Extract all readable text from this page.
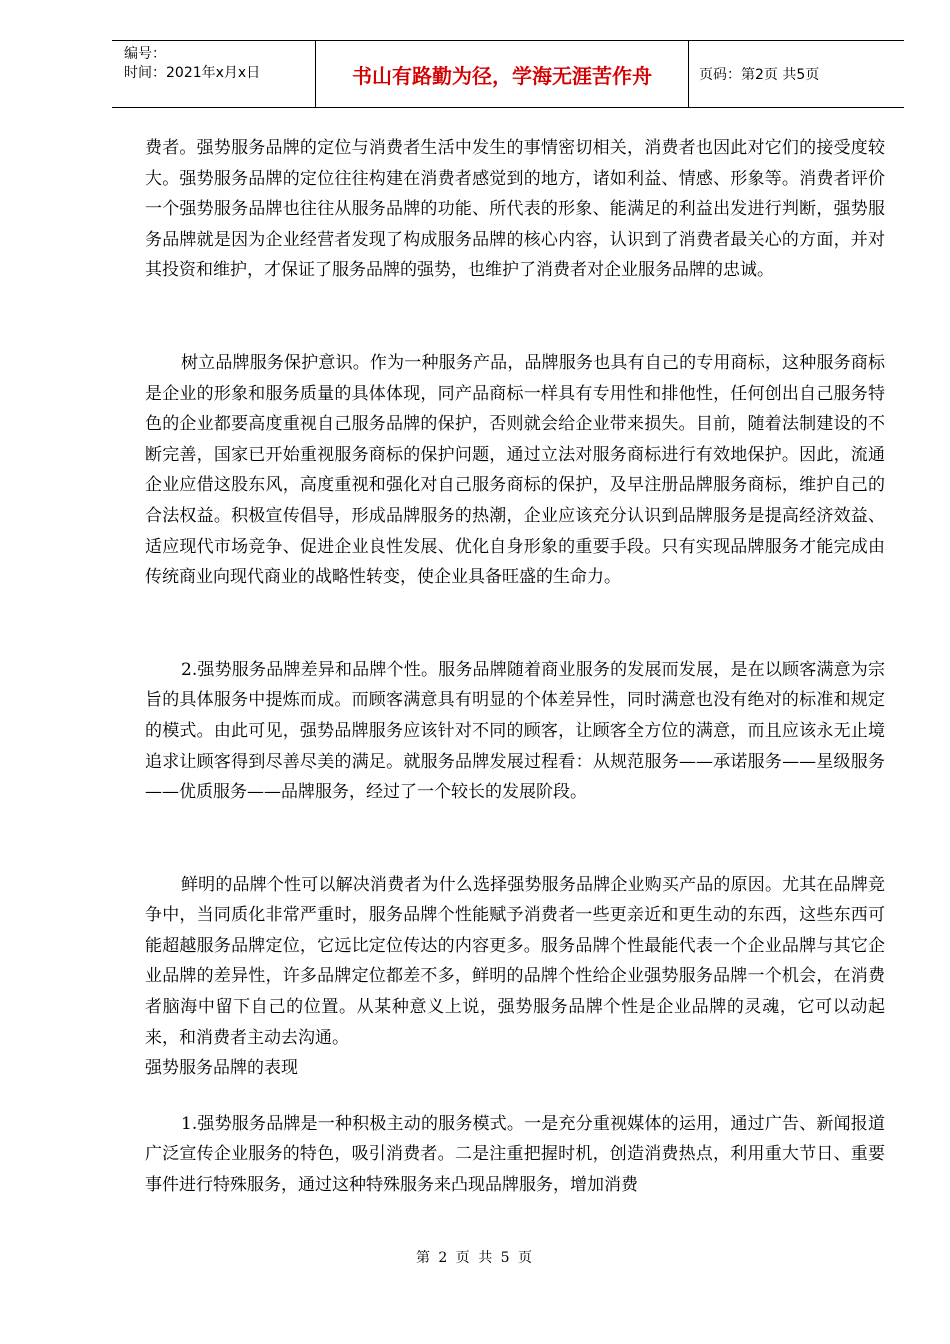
编号：
时间：2021年x月x日	书山有路勤为径，学海无涯苦作舟	页码：第2页 共5页

费者。强势服务品牌的定位与消费者生活中发生的事情密切相关，消费者也因此对它们的接受度较大。强势服务品牌的定位往往构建在消费者感觉到的地方，诸如利益、情感、形象等。消费者评价一个强势服务品牌也往往从服务品牌的功能、所代表的形象、能满足的利益出发进行判断，强势服务品牌就是因为企业经营者发现了构成服务品牌的核心内容，认识到了消费者最关心的方面，并对其投资和维护，才保证了服务品牌的强势，也维护了消费者对企业服务品牌的忠诚。

树立品牌服务保护意识。作为一种服务产品，品牌服务也具有自己的专用商标，这种服务商标是企业的形象和服务质量的具体体现，同产品商标一样具有专用性和排他性，任何创出自己服务特色的企业都要高度重视自己服务品牌的保护，否则就会给企业带来损失。目前，随着法制建设的不断完善，国家已开始重视服务商标的保护问题，通过立法对服务商标进行有效地保护。因此，流通企业应借这股东风，高度重视和强化对自己服务商标的保护，及早注册品牌服务商标，维护自己的合法权益。积极宣传倡导，形成品牌服务的热潮，企业应该充分认识到品牌服务是提高经济效益、适应现代市场竞争、促进企业良性发展、优化自身形象的重要手段。只有实现品牌服务才能完成由传统商业向现代商业的战略性转变，使企业具备旺盛的生命力。

2.强势服务品牌差异和品牌个性。服务品牌随着商业服务的发展而发展，是在以顾客满意为宗旨的具体服务中提炼而成。而顾客满意具有明显的个体差异性，同时满意也没有绝对的标准和规定的模式。由此可见，强势品牌服务应该针对不同的顾客，让顾客全方位的满意，而且应该永无止境追求让顾客得到尽善尽美的满足。就服务品牌发展过程看：从规范服务——承诺服务——星级服务——优质服务——品牌服务，经过了一个较长的发展阶段。

鲜明的品牌个性可以解决消费者为什么选择强势服务品牌企业购买产品的原因。尤其在品牌竞争中，当同质化非常严重时，服务品牌个性能赋予消费者一些更亲近和更生动的东西，这些东西可能超越服务品牌定位，它远比定位传达的内容更多。服务品牌个性最能代表一个企业品牌与其它企业品牌的差异性，许多品牌定位都差不多，鲜明的品牌个性给企业强势服务品牌一个机会，在消费者脑海中留下自己的位置。从某种意义上说，强势服务品牌个性是企业品牌的灵魂，它可以动起来，和消费者主动去沟通。

强势服务品牌的表现

1.强势服务品牌是一种积极主动的服务模式。一是充分重视媒体的运用，通过广告、新闻报道广泛宣传企业服务的特色，吸引消费者。二是注重把握时机，创造消费热点，利用重大节日、重要事件进行特殊服务，通过这种特殊服务来凸现品牌服务，增加消费

第 2 页 共 5 页
